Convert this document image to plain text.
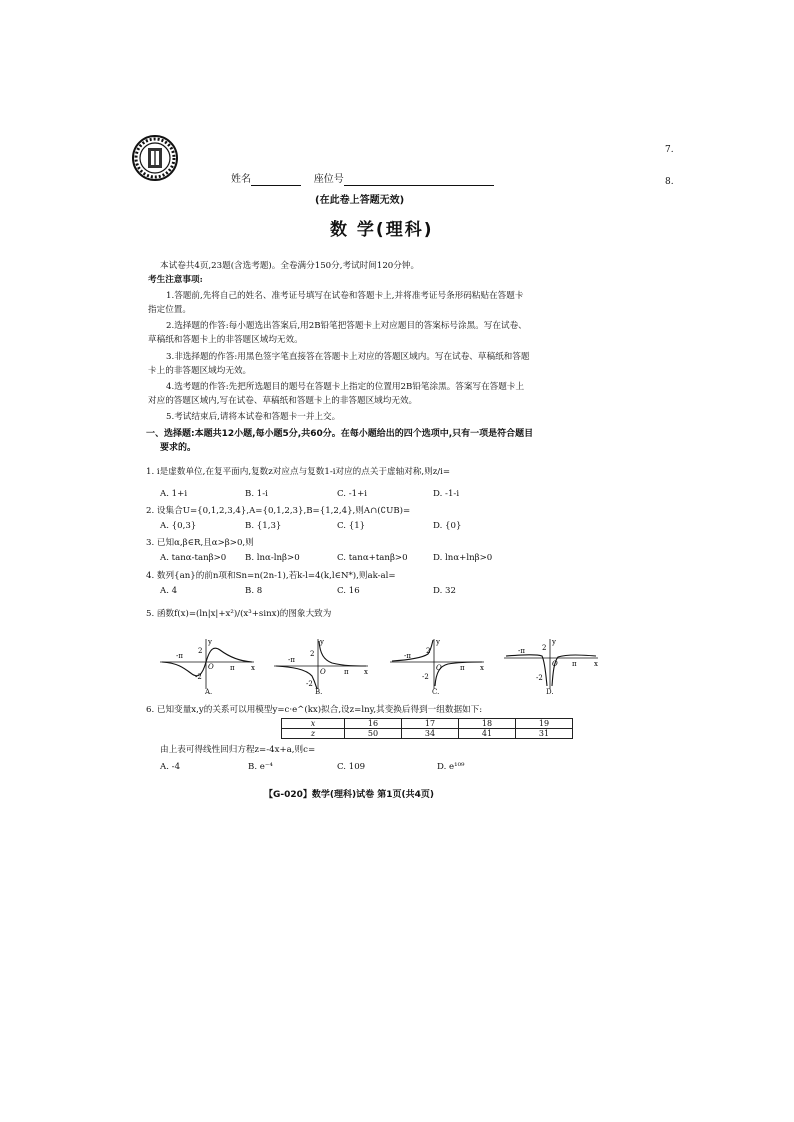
7.
8.
姓名	座位号
(在此卷上答题无效)
数 学(理科)
本试卷共4页,23题(含选考题)。全卷满分150分,考试时间120分钟。
考生注意事项:
1.答题前,先将自己的姓名、准考证号填写在试卷和答题卡上,并将准考证号条形码粘贴在答题卡
指定位置。
2.选择题的作答:每小题选出答案后,用2B铅笔把答题卡上对应题目的答案标号涂黑。写在试卷、
草稿纸和答题卡上的非答题区域均无效。
3.非选择题的作答:用黑色签字笔直接答在答题卡上对应的答题区域内。写在试卷、草稿纸和答题
卡上的非答题区域均无效。
4.选考题的作答:先把所选题目的题号在答题卡上指定的位置用2B铅笔涂黑。答案写在答题卡上
对应的答题区域内,写在试卷、草稿纸和答题卡上的非答题区域均无效。
5.考试结束后,请将本试卷和答题卡一并上交。
一、选择题:本题共12小题,每小题5分,共60分。在每小题给出的四个选项中,只有一项是符合题目
要求的。
1. i是虚数单位,在复平面内,复数z对应点与复数1-i对应的点关于虚轴对称,则z/i=
A. 1+i	B. 1-i	C. -1+i	D. -1-i
2. 设集合U={0,1,2,3,4},A={0,1,2,3},B={1,2,4},则A∩(∁UB)=
A. {0,3}	B. {1,3}	C. {1}	D. {0}
3. 已知α,β∈R,且α>β>0,则
A. tanα-tanβ>0 B. lnα-lnβ>0	C. tanα+tanβ>0	D. lnα+lnβ>0
4. 数列{an}的前n项和Sn=n(2n-1),若k-l=4(k,l∈N*),则ak-al=
A. 4	B. 8	C. 16	D. 32
5. 函数f(x)=(ln|x|+x²)/(x³+sinx)的图象大致为
y
x
2
-2
O
-π
π
A.
y
x
2
-2
O
-π
π
B.
y
x
2
-2
O
-π
π
C.
y
x
2
-2
O
-π
π
D.
6. 已知变量x,y的关系可以用模型y=c·e^(kx)拟合,设z=lny,其变换后得到一组数据如下:
x	16	17	18	19
z	50	34	41	31
由上表可得线性回归方程z=-4x+a,则c=
A. -4	B. e⁻⁴	C. 109	D. e¹⁰⁹
【G-020】数学(理科)试卷 第1页(共4页)
